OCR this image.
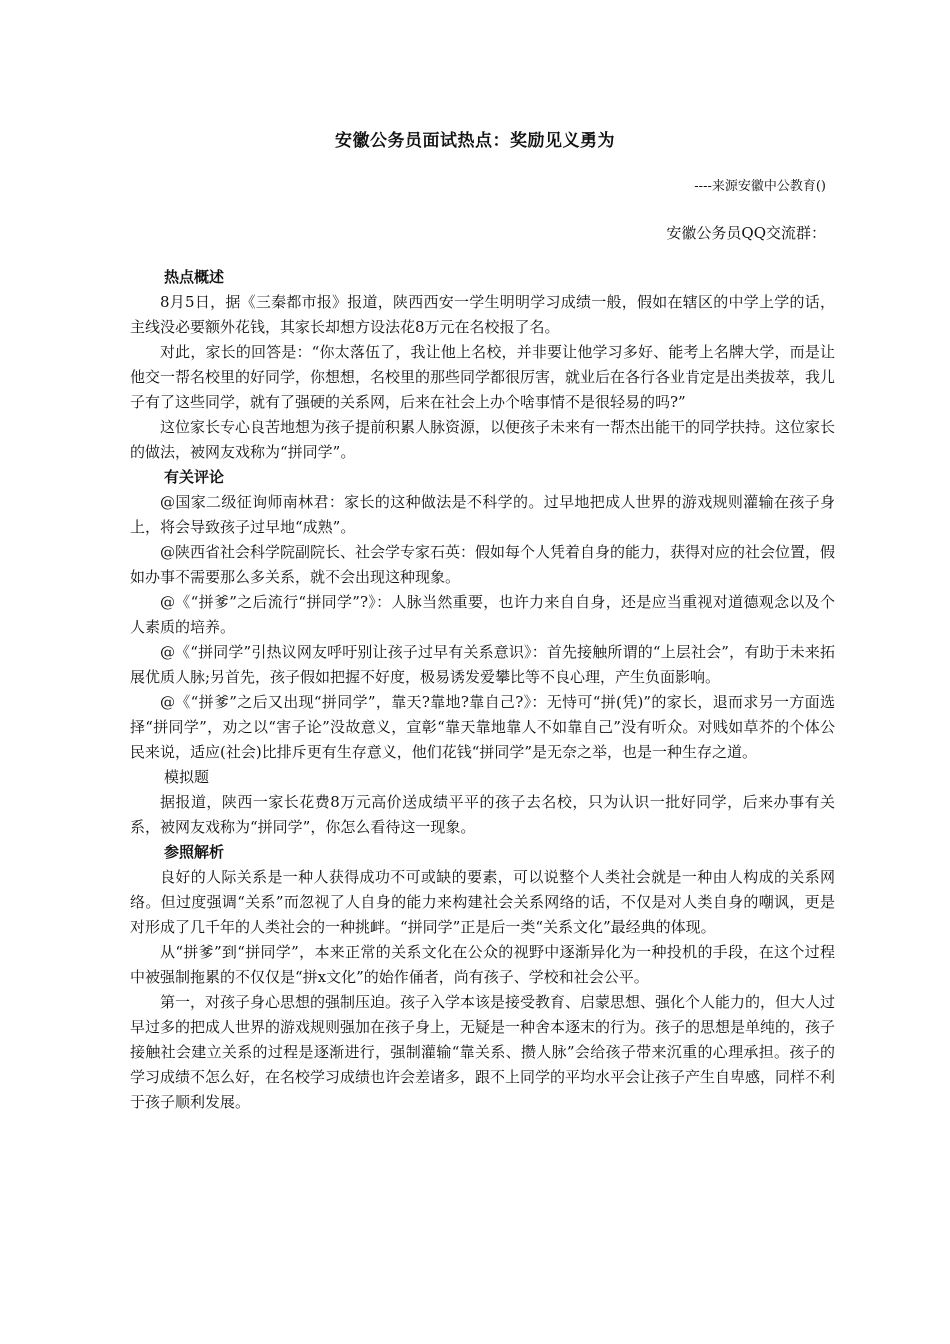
安徽公务员面试热点：奖励见义勇为
----来源安徽中公教育()
安徽公务员QQ交流群：
热点概述

8月5日，据《三秦都市报》报道，陕西西安一学生明明学习成绩一般，假如在辖区的中学上学的话，主线没必要额外花钱，其家长却想方设法花8万元在名校报了名。

对此，家长的回答是：“你太落伍了，我让他上名校，并非要让他学习多好、能考上名牌大学，而是让他交一帮名校里的好同学，你想想，名校里的那些同学都很厉害，就业后在各行各业肯定是出类拔萃，我儿子有了这些同学，就有了强硬的关系网，后来在社会上办个啥事情不是很轻易的吗?”

这位家长专心良苦地想为孩子提前积累人脉资源，以便孩子未来有一帮杰出能干的同学扶持。这位家长的做法，被网友戏称为“拼同学”。

有关评论

@国家二级征询师南林君：家长的这种做法是不科学的。过早地把成人世界的游戏规则灌输在孩子身上，将会导致孩子过早地“成熟”。

@陕西省社会科学院副院长、社会学专家石英：假如每个人凭着自身的能力，获得对应的社会位置，假如办事不需要那么多关系，就不会出现这种现象。

@《“拼爹”之后流行“拼同学”?》：人脉当然重要，也许力来自自身，还是应当重视对道德观念以及个人素质的培养。

@《“拼同学”引热议网友呼吁别让孩子过早有关系意识》：首先接触所谓的“上层社会”，有助于未来拓展优质人脉;另首先，孩子假如把握不好度，极易诱发爱攀比等不良心理，产生负面影响。

@《“拼爹”之后又出现“拼同学”，靠天?靠地?靠自己?》：无恃可“拼(凭)”的家长，退而求另一方面选择“拼同学”，劝之以“害子论”没故意义，宣彰“靠天靠地靠人不如靠自己”没有听众。对贱如草芥的个体公民来说，适应(社会)比排斥更有生存意义，他们花钱“拼同学”是无奈之举，也是一种生存之道。

模拟题

据报道，陕西一家长花费8万元高价送成绩平平的孩子去名校，只为认识一批好同学，后来办事有关系，被网友戏称为“拼同学”，你怎么看待这一现象。

参照解析

良好的人际关系是一种人获得成功不可或缺的要素，可以说整个人类社会就是一种由人构成的关系网络。但过度强调“关系”而忽视了人自身的能力来构建社会关系网络的话，不仅是对人类自身的嘲讽，更是对形成了几千年的人类社会的一种挑衅。“拼同学”正是后一类“关系文化”最经典的体现。

从“拼爹”到“拼同学”，本来正常的关系文化在公众的视野中逐渐异化为一种投机的手段，在这个过程中被强制拖累的不仅仅是“拼x文化”的始作俑者，尚有孩子、学校和社会公平。

第一，对孩子身心思想的强制压迫。孩子入学本该是接受教育、启蒙思想、强化个人能力的，但大人过早过多的把成人世界的游戏规则强加在孩子身上，无疑是一种舍本逐末的行为。孩子的思想是单纯的，孩子接触社会建立关系的过程是逐渐进行，强制灌输“靠关系、攒人脉”会给孩子带来沉重的心理承担。孩子的学习成绩不怎么好，在名校学习成绩也许会差诸多，跟不上同学的平均水平会让孩子产生自卑感，同样不利于孩子顺利发展。
